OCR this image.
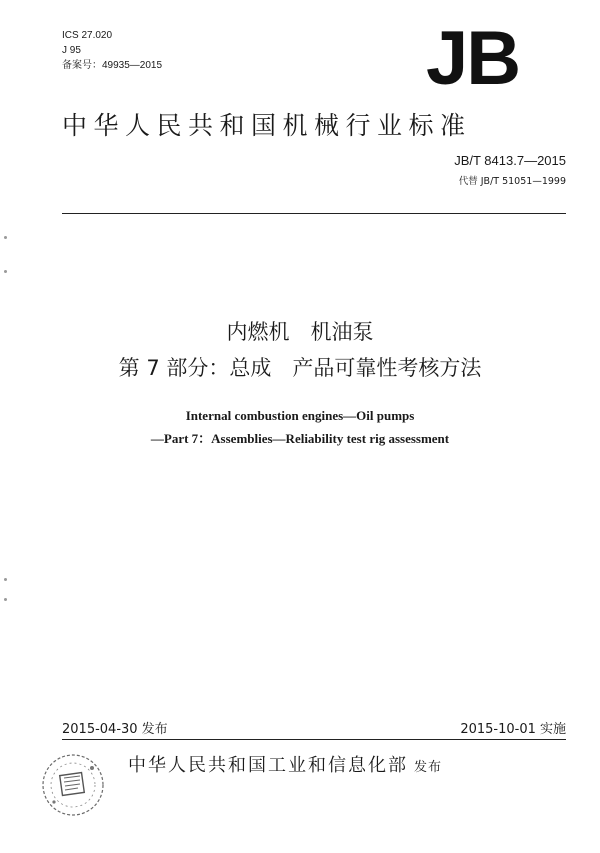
ICS 27.020
J 95
备案号：49935—2015	JB
中华人民共和国机械行业标准
JB/T 8413.7—2015
代替 JB/T 51051—1999
内燃机　机油泵
第 7 部分：总成　产品可靠性考核方法
Internal combustion engines—Oil pumps
—Part 7：Assemblies—Reliability test rig assessment
2015-04-30 发布	2015-10-01 实施
中华人民共和国工业和信息化部 发布
